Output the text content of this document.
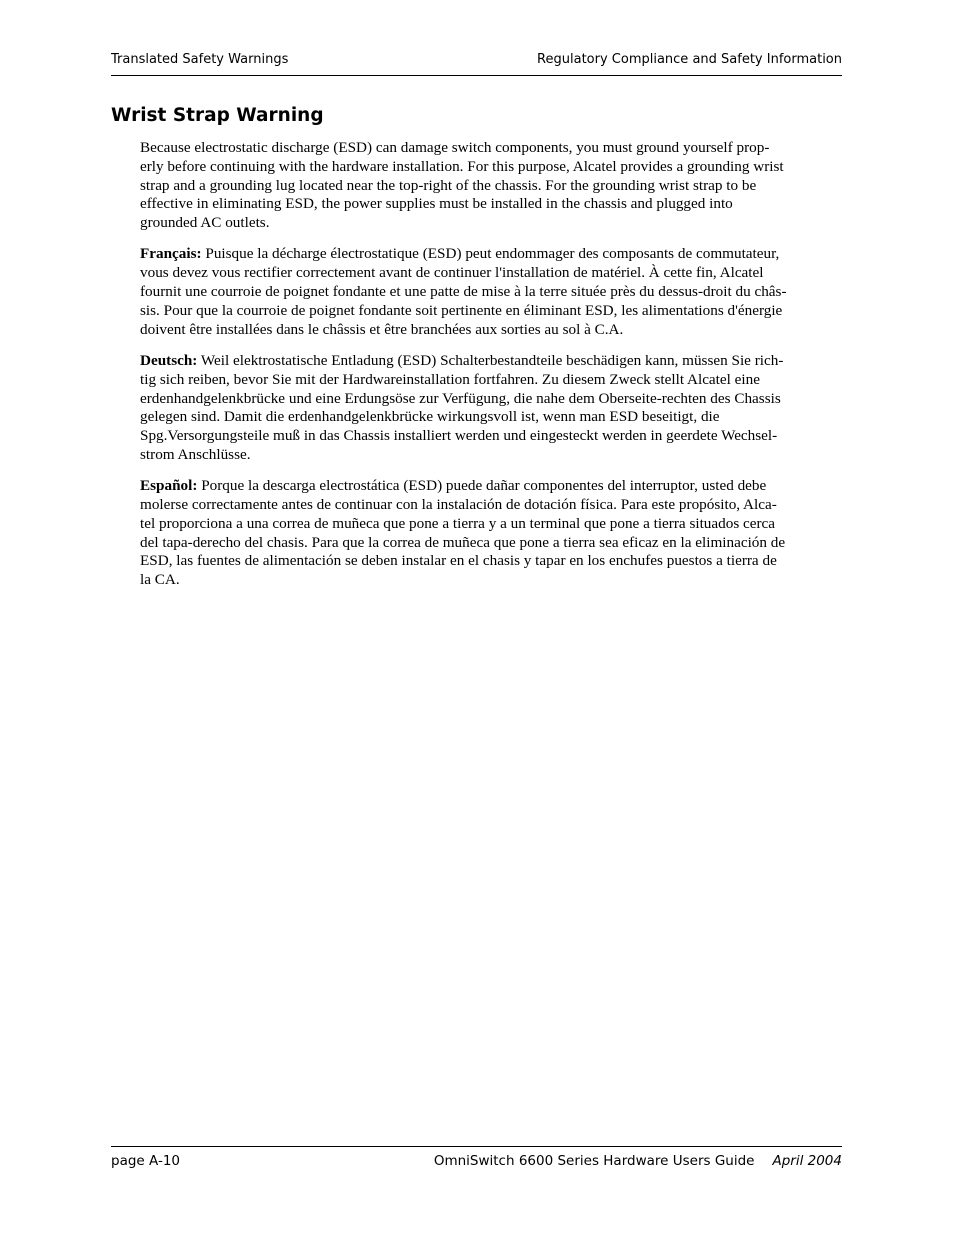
Translated Safety Warnings	Regulatory Compliance and Safety Information
Wrist Strap Warning

Because electrostatic discharge (ESD) can damage switch components, you must ground yourself prop-
erly before continuing with the hardware installation. For this purpose, Alcatel provides a grounding wrist
strap and a grounding lug located near the top-right of the chassis. For the grounding wrist strap to be
effective in eliminating ESD, the power supplies must be installed in the chassis and plugged into
grounded AC outlets.

Français: Puisque la décharge électrostatique (ESD) peut endommager des composants de commutateur,
vous devez vous rectifier correctement avant de continuer l'installation de matériel. À cette fin, Alcatel
fournit une courroie de poignet fondante et une patte de mise à la terre située près du dessus-droit du châs-
sis. Pour que la courroie de poignet fondante soit pertinente en éliminant ESD, les alimentations d'énergie
doivent être installées dans le châssis et être branchées aux sorties au sol à C.A.

Deutsch: Weil elektrostatische Entladung (ESD) Schalterbestandteile beschädigen kann, müssen Sie rich-
tig sich reiben, bevor Sie mit der Hardwareinstallation fortfahren. Zu diesem Zweck stellt Alcatel eine
erdenhandgelenkbrücke und eine Erdungsöse zur Verfügung, die nahe dem Oberseite-rechten des Chassis
gelegen sind. Damit die erdenhandgelenkbrücke wirkungsvoll ist, wenn man ESD beseitigt, die
Spg.Versorgungsteile muß in das Chassis installiert werden und eingesteckt werden in geerdete Wechsel-
strom Anschlüsse.

Español: Porque la descarga electrostática (ESD) puede dañar componentes del interruptor, usted debe
molerse correctamente antes de continuar con la instalación de dotación física. Para este propósito, Alca-
tel proporciona a una correa de muñeca que pone a tierra y a un terminal que pone a tierra situados cerca
del tapa-derecho del chasis. Para que la correa de muñeca que pone a tierra sea eficaz en la eliminación de
ESD, las fuentes de alimentación se deben instalar en el chasis y tapar en los enchufes puestos a tierra de
la CA.

page A-10	OmniSwitch 6600 Series Hardware Users Guide April 2004
